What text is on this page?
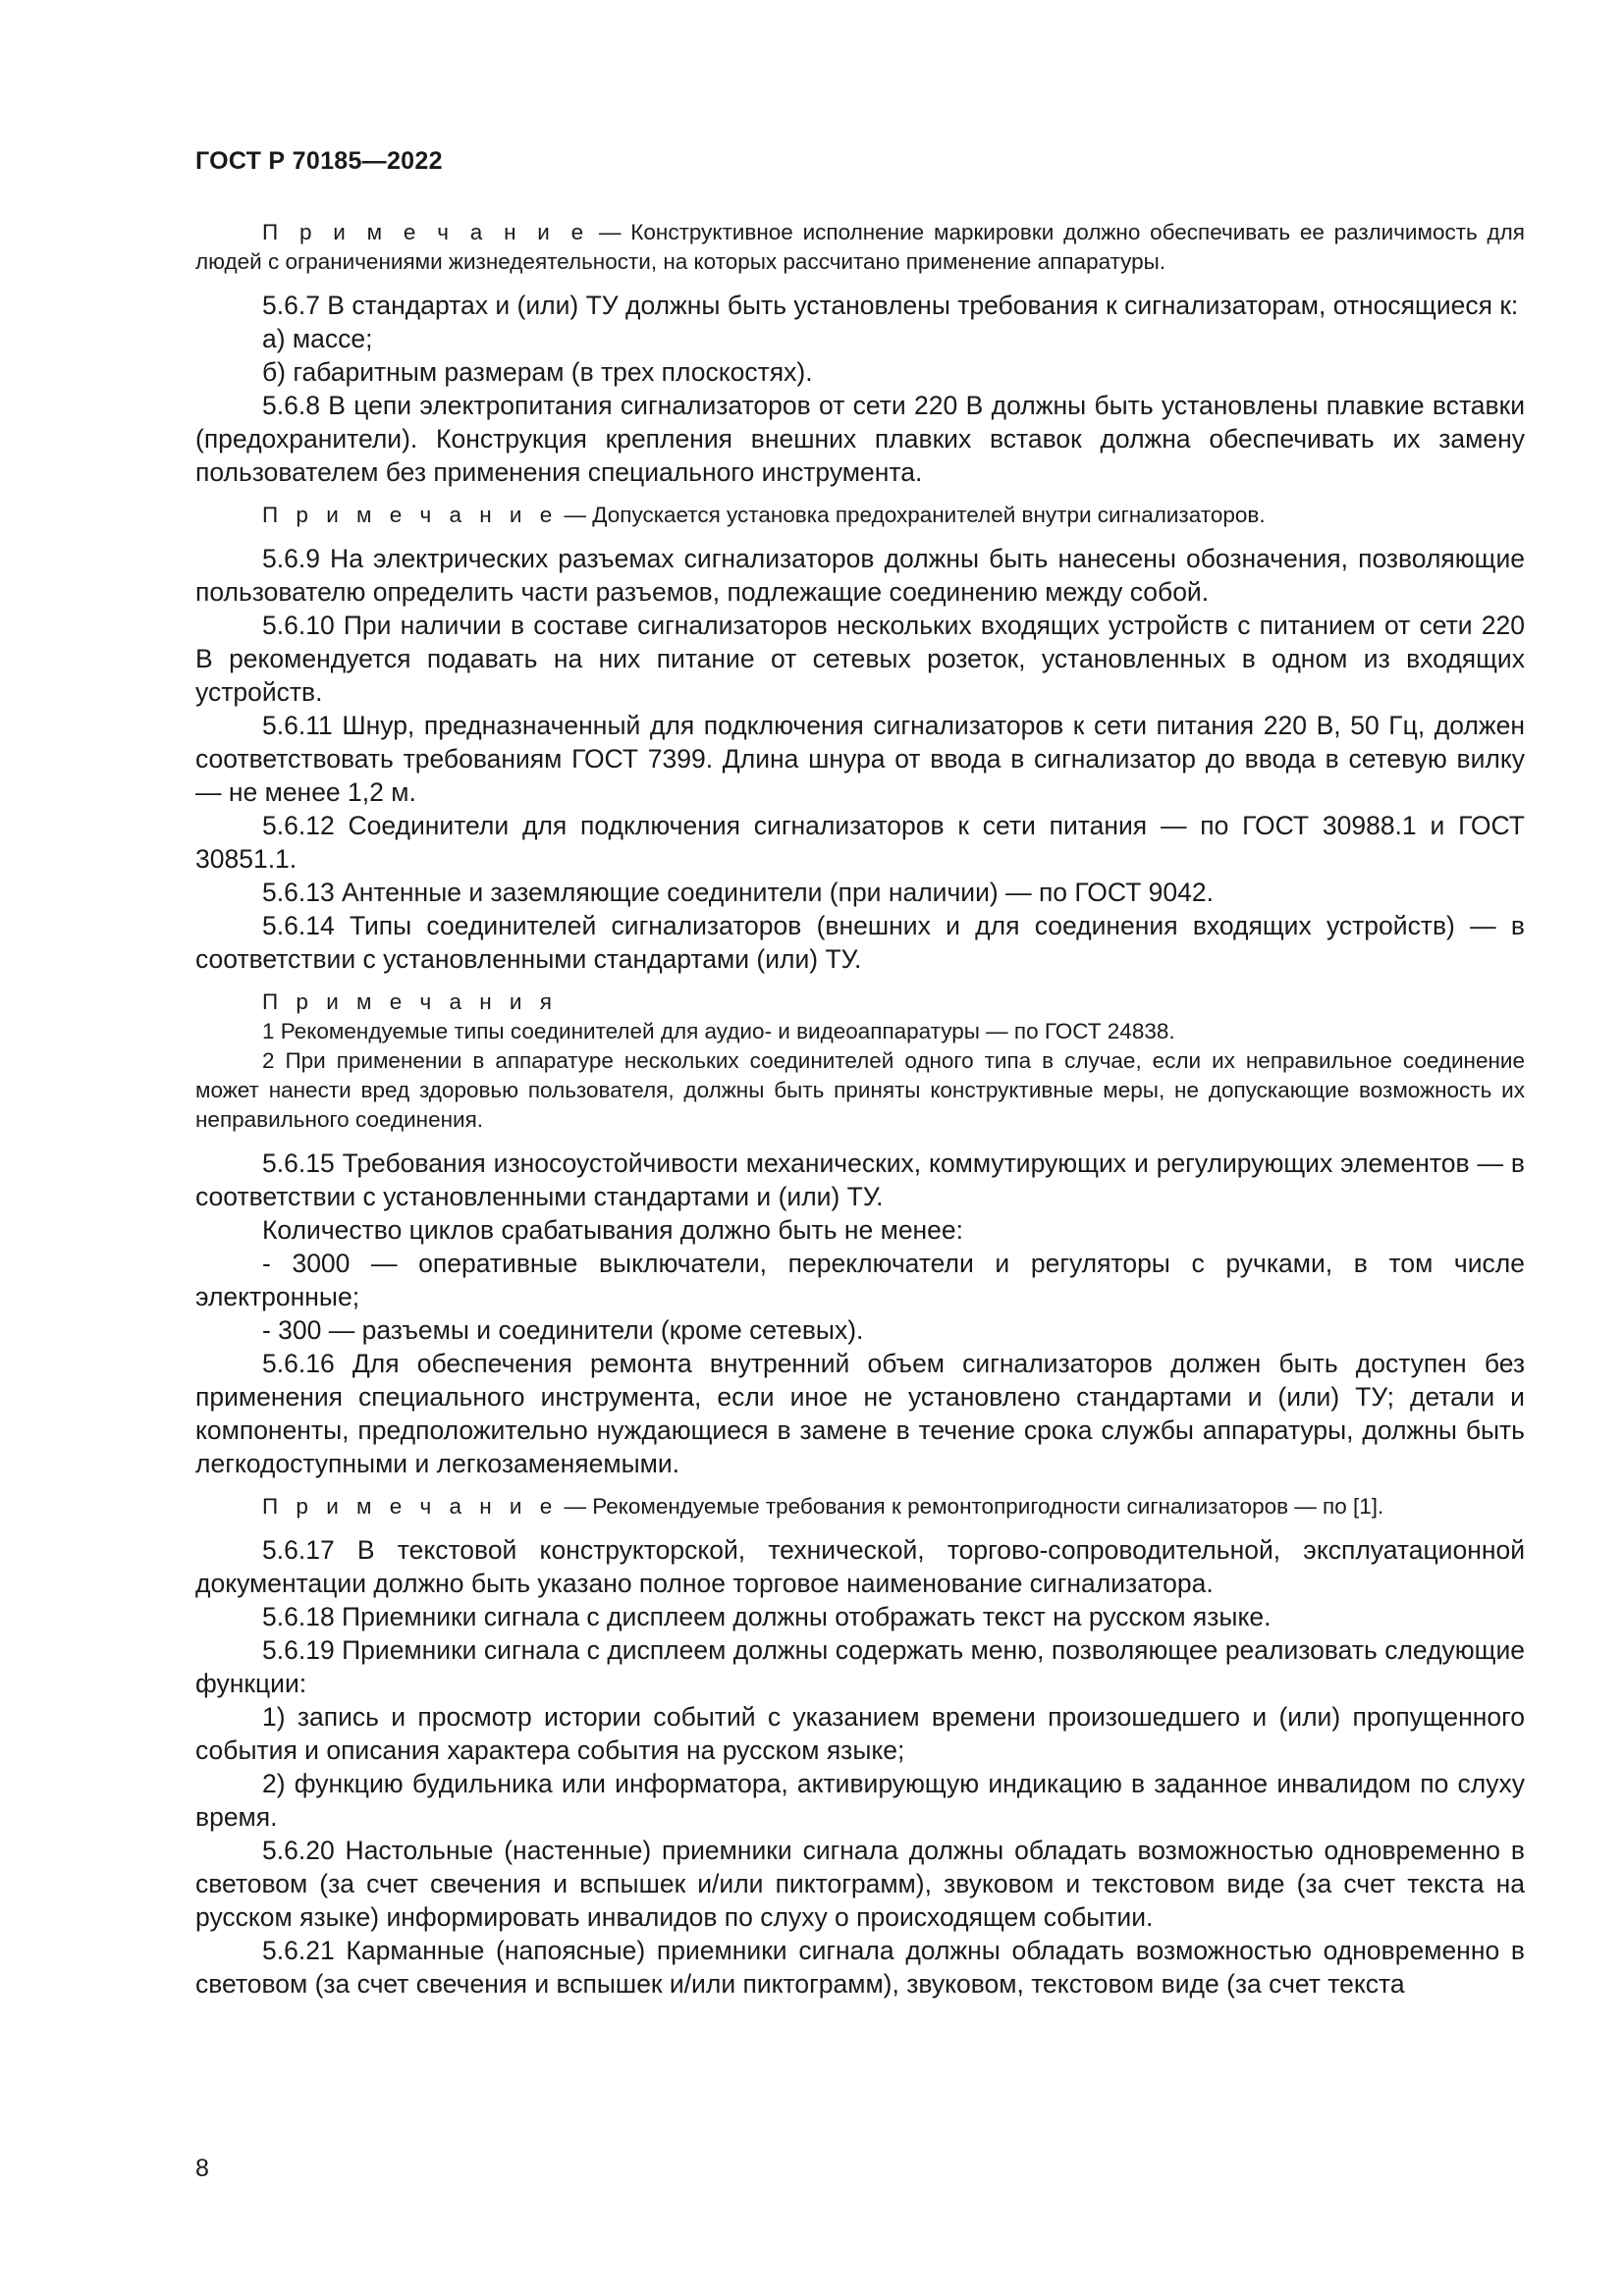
ГОСТ Р 70185—2022

П р и м е ч а н и е — Конструктивное исполнение маркировки должно обеспечивать ее различимость для людей с ограничениями жизнедеятельности, на которых рассчитано применение аппаратуры.

5.6.7 В стандартах и (или) ТУ должны быть установлены требования к сигнализаторам, относящиеся к:

а) массе;

б) габаритным размерам (в трех плоскостях).

5.6.8 В цепи электропитания сигнализаторов от сети 220 В должны быть установлены плавкие вставки (предохранители). Конструкция крепления внешних плавких вставок должна обеспечивать их замену пользователем без применения специального инструмента.

П р и м е ч а н и е — Допускается установка предохранителей внутри сигнализаторов.

5.6.9 На электрических разъемах сигнализаторов должны быть нанесены обозначения, позволяющие пользователю определить части разъемов, подлежащие соединению между собой.

5.6.10 При наличии в составе сигнализаторов нескольких входящих устройств с питанием от сети 220 В рекомендуется подавать на них питание от сетевых розеток, установленных в одном из входящих устройств.

5.6.11 Шнур, предназначенный для подключения сигнализаторов к сети питания 220 В, 50 Гц, должен соответствовать требованиям ГОСТ 7399. Длина шнура от ввода в сигнализатор до ввода в сетевую вилку — не менее 1,2 м.

5.6.12 Соединители для подключения сигнализаторов к сети питания — по ГОСТ 30988.1 и ГОСТ 30851.1.

5.6.13 Антенные и заземляющие соединители (при наличии) — по ГОСТ 9042.

5.6.14 Типы соединителей сигнализаторов (внешних и для соединения входящих устройств) — в соответствии с установленными стандартами (или) ТУ.

П р и м е ч а н и я

1 Рекомендуемые типы соединителей для аудио- и видеоаппаратуры — по ГОСТ 24838.

2 При применении в аппаратуре нескольких соединителей одного типа в случае, если их неправильное соединение может нанести вред здоровью пользователя, должны быть приняты конструктивные меры, не допускающие возможность их неправильного соединения.

5.6.15 Требования износоустойчивости механических, коммутирующих и регулирующих элементов — в соответствии с установленными стандартами и (или) ТУ.

Количество циклов срабатывания должно быть не менее:

- 3000 — оперативные выключатели, переключатели и регуляторы с ручками, в том числе электронные;

- 300 — разъемы и соединители (кроме сетевых).

5.6.16 Для обеспечения ремонта внутренний объем сигнализаторов должен быть доступен без применения специального инструмента, если иное не установлено стандартами и (или) ТУ; детали и компоненты, предположительно нуждающиеся в замене в течение срока службы аппаратуры, должны быть легкодоступными и легкозаменяемыми.

П р и м е ч а н и е — Рекомендуемые требования к ремонтопригодности сигнализаторов — по [1].

5.6.17 В текстовой конструкторской, технической, торгово-сопроводительной, эксплуатационной документации должно быть указано полное торговое наименование сигнализатора.

5.6.18 Приемники сигнала с дисплеем должны отображать текст на русском языке.

5.6.19 Приемники сигнала с дисплеем должны содержать меню, позволяющее реализовать следующие функции:

1) запись и просмотр истории событий с указанием времени произошедшего и (или) пропущенного события и описания характера события на русском языке;

2) функцию будильника или информатора, активирующую индикацию в заданное инвалидом по слуху время.

5.6.20 Настольные (настенные) приемники сигнала должны обладать возможностью одновременно в световом (за счет свечения и вспышек и/или пиктограмм), звуковом и текстовом виде (за счет текста на русском языке) информировать инвалидов по слуху о происходящем событии.

5.6.21 Карманные (напоясные) приемники сигнала должны обладать возможностью одновременно в световом (за счет свечения и вспышек и/или пиктограмм), звуковом, текстовом виде (за счет текста

8
